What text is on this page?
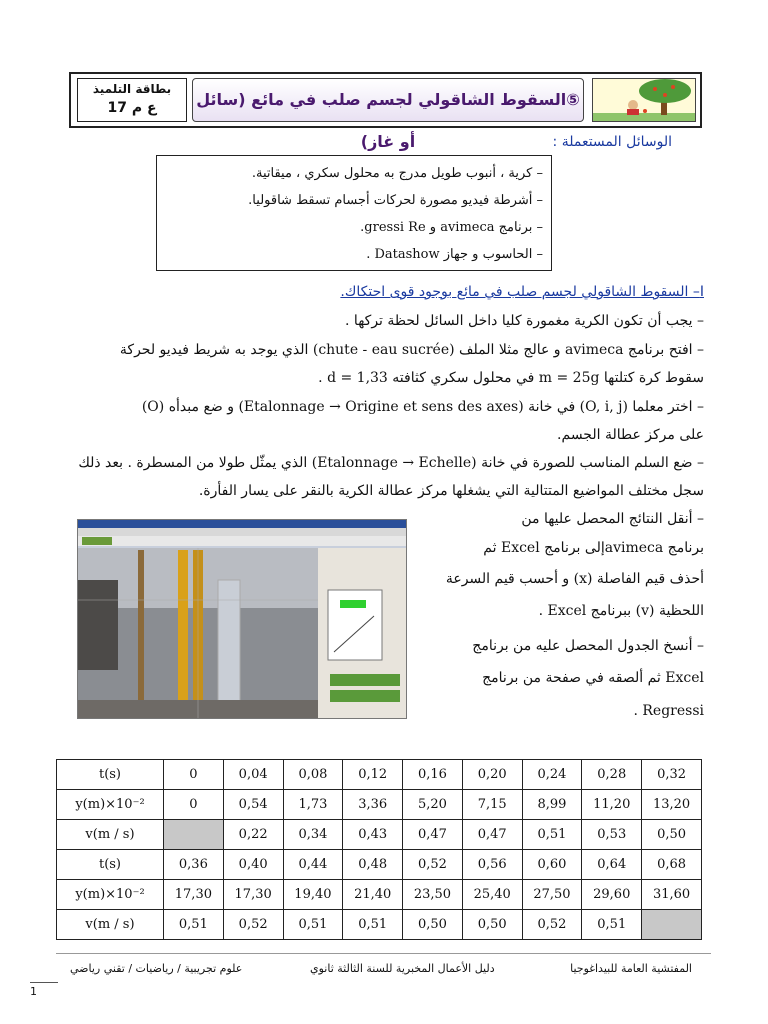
بطاقة التلميذ
ع م 17	⑤السقوط الشاقولي لجسم صلب في مائع (سائل أو غاز)	الوسائل المستعملة :
– كرية ، أنبوب طويل مدرج به محلول سكري ، ميقاتية.
– أشرطة فيديو مصورة لحركات أجسام تسقط شاقوليا.
– برنامج avimeca و gressi Re.
– الحاسوب و جهاز Datashow .
I– السقوط الشاقولي لجسم صلب في مائع بوجود قوى احتكاك.
– يجب أن تكون الكرية مغمورة كليا داخل السائل لحظة تركها .
– افتح برنامج avimeca و عالج مثلا الملف (chute - eau sucrée) الذي يوجد به شريط فيديو لحركة
سقوط كرة كتلتها m = 25g في محلول سكري كثافته d = 1,33 .
– اختر معلما (O, i, j) في خانة (Etalonnage → Origine et sens des axes) و ضع مبدأه (O)
على مركز عطالة الجسم.
– ضع السلم المناسب للصورة في خانة (Etalonnage → Echelle) الذي يمثّل طولا من المسطرة . بعد ذلك
سجل مختلف المواضيع المتتالية التي يشغلها مركز عطالة الكرية بالنقر على يسار الفأرة.
– أنقل النتائج المحصل عليها من
برنامج avimecaإلى برنامج Excel ثم
أحذف قيم الفاصلة (x) و أحسب قيم السرعة
اللحظية (v) ببرنامج Excel .
– أنسخ الجدول المحصل عليه من برنامج
Excel ثم ألصقه في صفحة من برنامج
Regressi .
t(s)	0	0,04	0,08	0,12	0,16	0,20	0,24	0,28	0,32
y(m)×10⁻²	0	0,54	1,73	3,36	5,20	7,15	8,99	11,20	13,20
v(m / s)		0,22	0,34	0,43	0,47	0,47	0,51	0,53	0,50
t(s)	0,36	0,40	0,44	0,48	0,52	0,56	0,60	0,64	0,68
y(m)×10⁻²	17,30	17,30	19,40	21,40	23,50	25,40	27,50	29,60	31,60
v(m / s)	0,51	0,52	0,51	0,51	0,50	0,50	0,52	0,51	
المفتشية العامة للبيداغوجيا
دليل الأعمال المخبرية للسنة الثالثة ثانوي
علوم تجريبية / رياضيات / تقني رياضي
1
